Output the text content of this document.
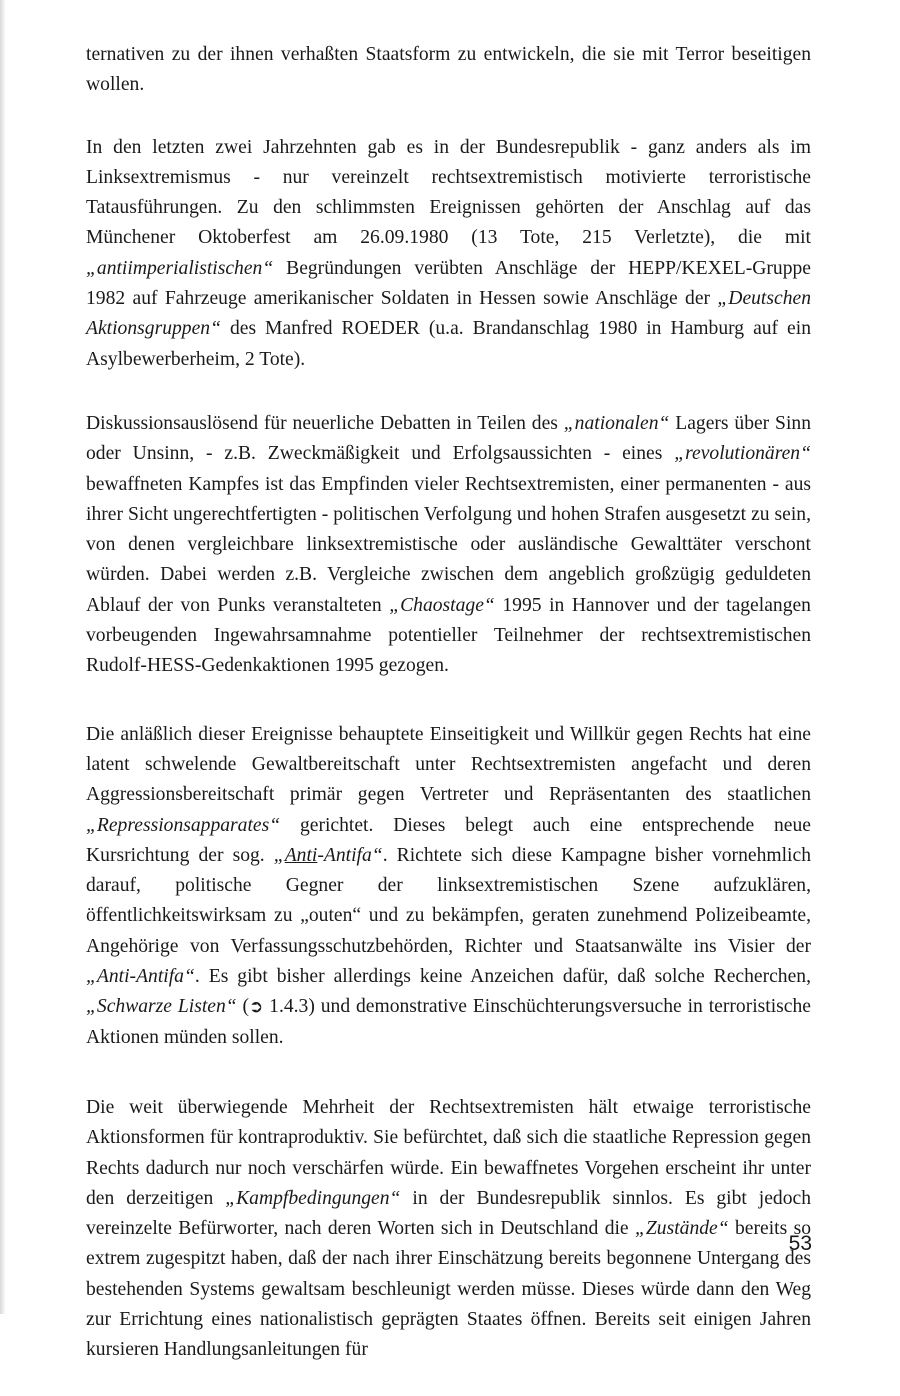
ternativen zu der ihnen verhaßten Staatsform zu entwickeln, die sie mit Terror beseitigen wollen.

In den letzten zwei Jahrzehnten gab es in der Bundesrepublik - ganz anders als im Linksextremismus - nur vereinzelt rechtsextremistisch motivierte terroristische Tatausführungen. Zu den schlimmsten Ereignissen gehörten der Anschlag auf das Münchener Oktoberfest am 26.09.1980 (13 Tote, 215 Verletzte), die mit „antiimperialistischen“ Begründungen verübten Anschläge der HEPP/KEXEL-Gruppe 1982 auf Fahrzeuge amerikanischer Soldaten in Hessen sowie Anschläge der „Deutschen Aktionsgruppen“ des Manfred ROEDER (u.a. Brandanschlag 1980 in Hamburg auf ein Asylbewerberheim, 2 Tote).

Diskussionsauslösend für neuerliche Debatten in Teilen des „nationalen“ Lagers über Sinn oder Unsinn, - z.B. Zweckmäßigkeit und Erfolgsaussichten - eines „revolutionären“ bewaffneten Kampfes ist das Empfinden vieler Rechtsextremisten, einer permanenten - aus ihrer Sicht ungerechtfertigten - politischen Verfolgung und hohen Strafen ausgesetzt zu sein, von denen vergleichbare linksextremistische oder ausländische Gewalttäter verschont würden. Dabei werden z.B. Vergleiche zwischen dem angeblich großzügig geduldeten Ablauf der von Punks veranstalteten „Chaostage“ 1995 in Hannover und der tagelangen vorbeugenden Ingewahrsamnahme potentieller Teilnehmer der rechtsextremistischen Rudolf-HESS-Gedenkaktionen 1995 gezogen.

Die anläßlich dieser Ereignisse behauptete Einseitigkeit und Willkür gegen Rechts hat eine latent schwelende Gewaltbereitschaft unter Rechtsextremisten angefacht und deren Aggressionsbereitschaft primär gegen Vertreter und Repräsentanten des staatlichen „Repressionsapparates“ gerichtet. Dieses belegt auch eine entsprechende neue Kursrichtung der sog. „Anti-Antifa“. Richtete sich diese Kampagne bisher vornehmlich darauf, politische Gegner der linksextremistischen Szene aufzuklären, öffentlichkeitswirksam zu „outen“ und zu bekämpfen, geraten zunehmend Polizeibeamte, Angehörige von Verfassungsschutzbehörden, Richter und Staatsanwälte ins Visier der „Anti-Antifa“. Es gibt bisher allerdings keine Anzeichen dafür, daß solche Recherchen, „Schwarze Listen“ (➲ 1.4.3) und demonstrative Einschüchterungsversuche in terroristische Aktionen münden sollen.

Die weit überwiegende Mehrheit der Rechtsextremisten hält etwaige terroristische Aktionsformen für kontraproduktiv. Sie befürchtet, daß sich die staatliche Repression gegen Rechts dadurch nur noch verschärfen würde. Ein bewaffnetes Vorgehen erscheint ihr unter den derzeitigen „Kampfbedingungen“ in der Bundesrepublik sinnlos. Es gibt jedoch vereinzelte Befürworter, nach deren Worten sich in Deutschland die „Zustände“ bereits so extrem zugespitzt haben, daß der nach ihrer Einschätzung bereits begonnene Untergang des bestehenden Systems gewaltsam beschleunigt werden müsse. Dieses würde dann den Weg zur Errichtung eines nationalistisch geprägten Staates öffnen. Bereits seit einigen Jahren kursieren Handlungsanleitungen für

53
